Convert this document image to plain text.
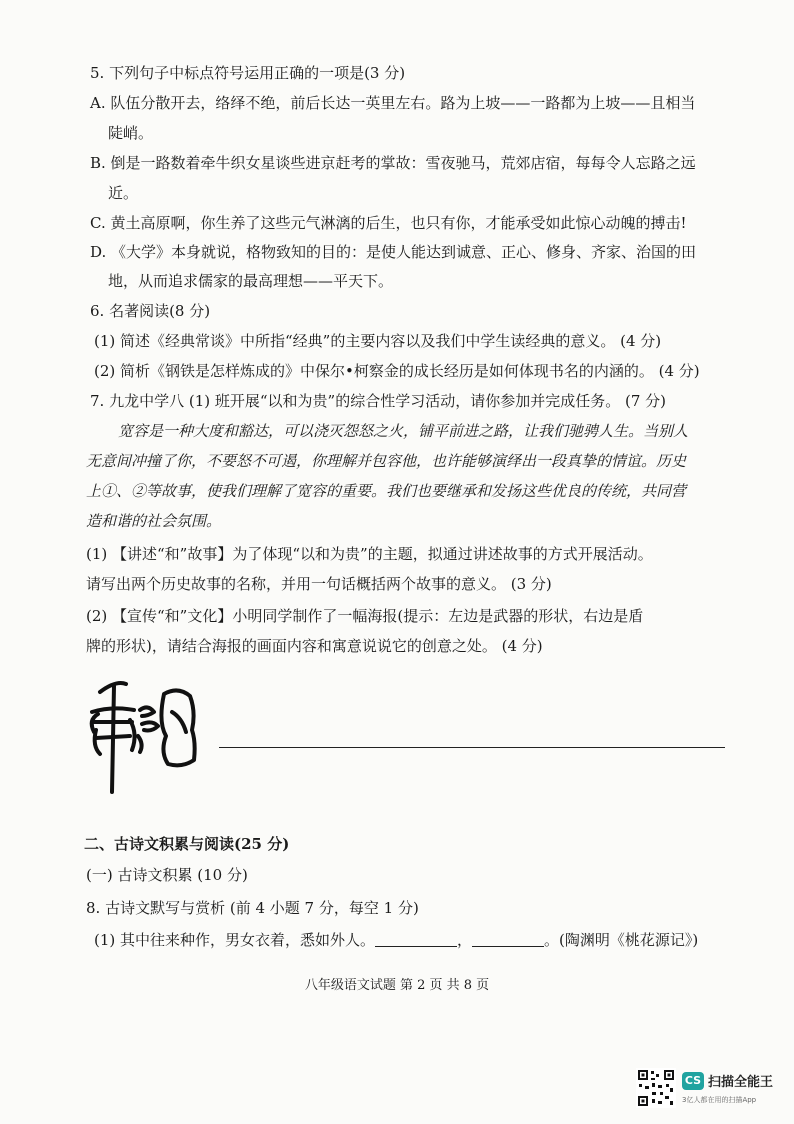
5. 下列句子中标点符号运用正确的一项是(3 分)
A. 队伍分散开去，络绎不绝，前后长达一英里左右。路为上坡——一路都为上坡——且相当
陡峭。
B. 倒是一路数着牵牛织女星谈些进京赶考的掌故：雪夜驰马，荒郊店宿，每每令人忘路之远
近。
C. 黄土高原啊，你生养了这些元气淋漓的后生，也只有你，才能承受如此惊心动魄的搏击!
D. 《大学》本身就说，格物致知的目的：是使人能达到诚意、正心、修身、齐家、治国的田
地，从而追求儒家的最高理想——平天下。
6. 名著阅读(8 分)
(1) 简述《经典常谈》中所指“经典”的主要内容以及我们中学生读经典的意义。 (4 分)
(2) 简析《钢铁是怎样炼成的》中保尔•柯察金的成长经历是如何体现书名的内涵的。 (4 分)
7. 九龙中学八 (1) 班开展“以和为贵”的综合性学习活动，请你参加并完成任务。 (7 分)
宽容是一种大度和豁达，可以浇灭怨怒之火，铺平前进之路，让我们驰骋人生。当别人
无意间冲撞了你，不要怒不可遏，你理解并包容他，也许能够演绎出一段真挚的情谊。历史
上①、②等故事，使我们理解了宽容的重要。我们也要继承和发扬这些优良的传统，共同营
造和谐的社会氛围。
(1) 【讲述“和”故事】为了体现“以和为贵”的主题，拟通过讲述故事的方式开展活动。
请写出两个历史故事的名称，并用一句话概括两个故事的意义。 (3 分)
(2) 【宣传“和”文化】小明同学制作了一幅海报(提示：左边是武器的形状，右边是盾
牌的形状)，请结合海报的画面内容和寓意说说它的创意之处。 (4 分)
二、古诗文积累与阅读(25 分)
(一) 古诗文积累 (10 分)
8. 古诗文默写与赏析 (前 4 小题 7 分，每空 1 分)
(1) 其中往来种作，男女衣着，悉如外人。	，	。(陶渊明《桃花源记》)
八年级语文试题 第 2 页 共 8 页
CS 扫描全能王
3亿人都在用的扫描App
